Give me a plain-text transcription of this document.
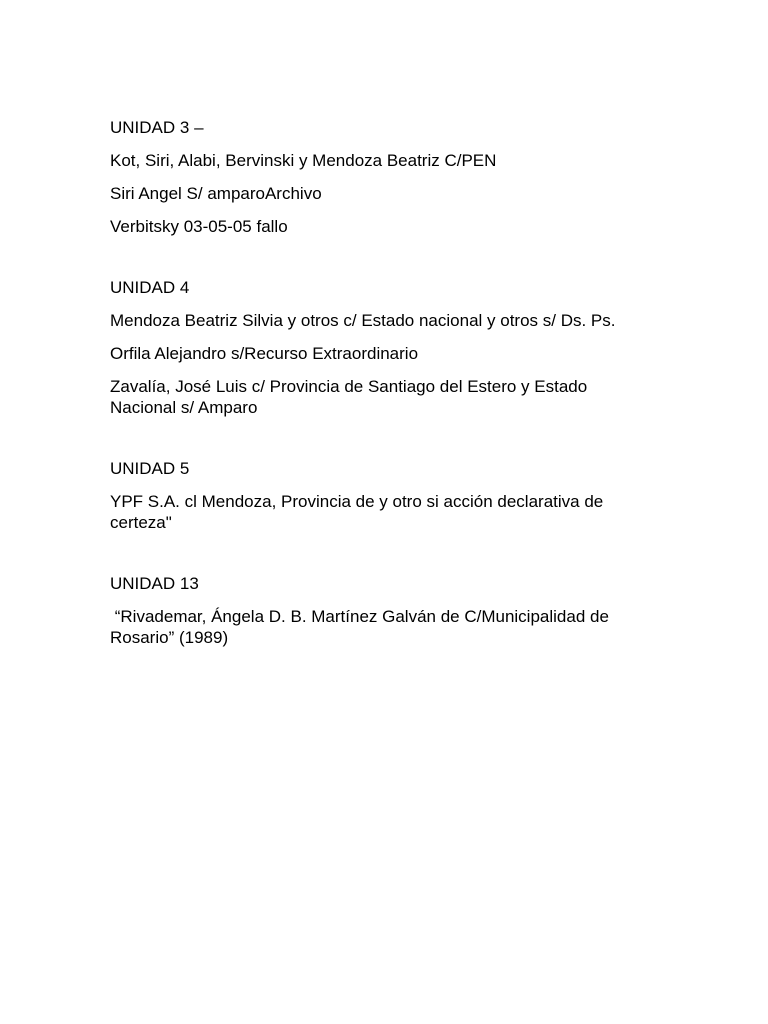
UNIDAD 3 –

Kot, Siri, Alabi, Bervinski y Mendoza Beatriz C/PEN

Siri Angel S/ amparoArchivo

Verbitsky 03-05-05 fallo

UNIDAD 4

Mendoza Beatriz Silvia y otros c/ Estado nacional y otros s/ Ds. Ps.

Orfila Alejandro s/Recurso Extraordinario

Zavalía, José Luis c/ Provincia de Santiago del Estero y Estado Nacional s/ Amparo

UNIDAD 5

YPF S.A. cl Mendoza, Provincia de y otro si acción declarativa de certeza"

UNIDAD 13

“Rivademar, Ángela D. B. Martínez Galván de C/Municipalidad de Rosario” (1989)
